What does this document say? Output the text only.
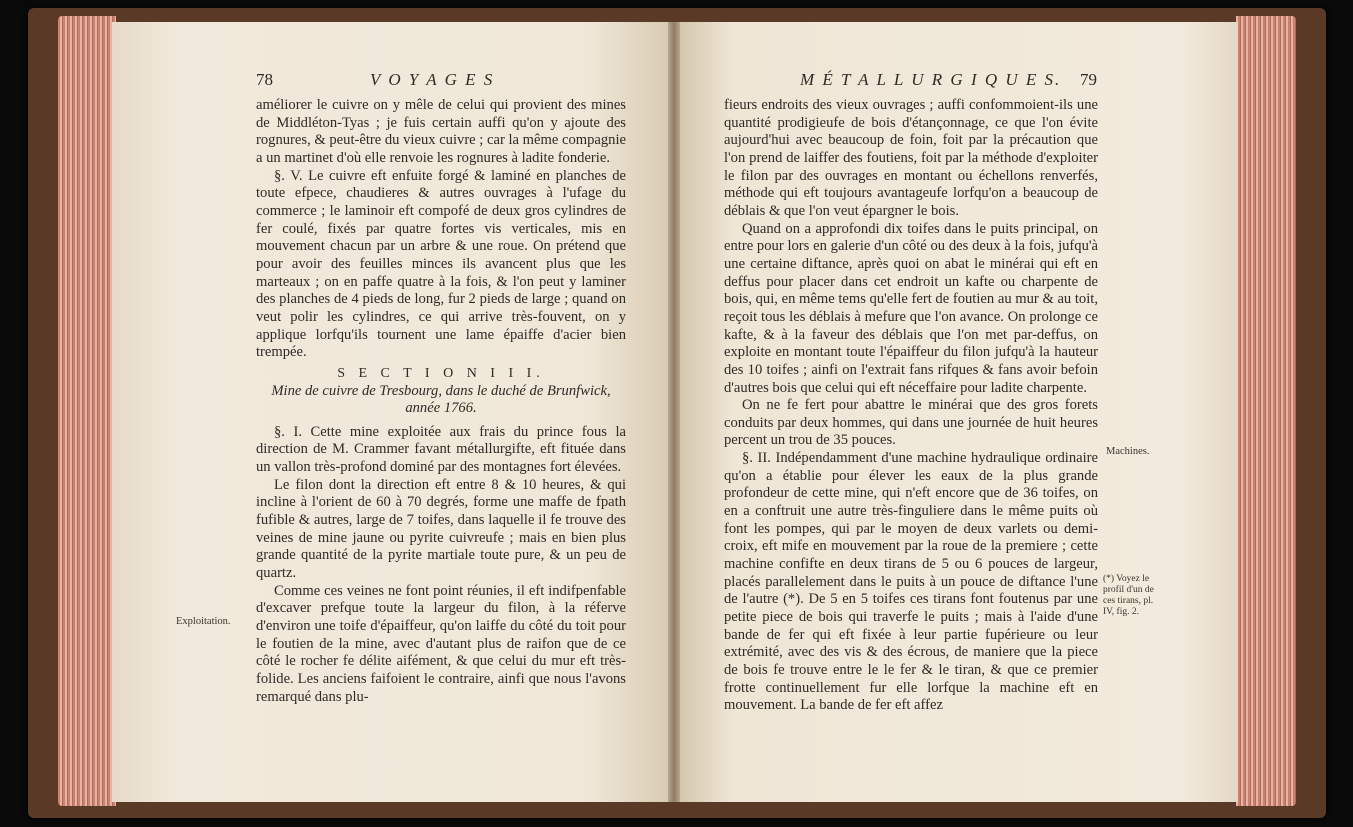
78	V O Y A G E S

améliorer le cuivre on y mêle de celui qui provient des mines de Middléton-Tyas ; je fuis certain auffi qu'on y ajoute des rognures, & peut-être du vieux cuivre ; car la même compagnie a un martinet d'où elle renvoie les rognures à ladite fonderie.

§. V. Le cuivre eft enfuite forgé & laminé en planches de toute efpece, chaudieres & autres ouvrages à l'ufage du commerce ; le laminoir eft compofé de deux gros cylindres de fer coulé, fixés par quatre fortes vis verticales, mis en mouvement chacun par un arbre & une roue. On prétend que pour avoir des feuilles minces ils avancent plus que les marteaux ; on en paffe quatre à la fois, & l'on peut y laminer des planches de 4 pieds de long, fur 2 pieds de large ; quand on veut polir les cylindres, ce qui arrive très-fouvent, on y applique lorfqu'ils tournent une lame épaiffe d'acier bien trempée.

S E C T I O N I I I.

Mine de cuivre de Tresbourg, dans le duché de Brunfwick,

année 1766.

§. I. Cette mine exploitée aux frais du prince fous la direction de M. Crammer favant métallurgifte, eft fituée dans un vallon très-profond dominé par des montagnes fort élevées.

Le filon dont la direction eft entre 8 & 10 heures, & qui incline à l'orient de 60 à 70 degrés, forme une maffe de fpath fufible & autres, large de 7 toifes, dans laquelle il fe trouve des veines de mine jaune ou pyrite cuivreufe ; mais en bien plus grande quantité de la pyrite martiale toute pure, & un peu de quartz.

Comme ces veines ne font point réunies, il eft indifpenfable d'excaver prefque toute la largeur du filon, à la réferve d'environ une toife d'épaiffeur, qu'on laiffe du côté du toit pour le foutien de la mine, avec d'autant plus de raifon que de ce côté le rocher fe délite aifément, & que celui du mur eft très-folide. Les anciens faifoient le contraire, ainfi que nous l'avons remarqué dans plu-

Exploitation.
M É T A L L U R G I Q U E S. 79

fieurs endroits des vieux ouvrages ; auffi confommoient-ils une quantité prodigieufe de bois d'étançonnage, ce que l'on évite aujourd'hui avec beaucoup de foin, foit par la précaution que l'on prend de laiffer des foutiens, foit par la méthode d'exploiter le filon par des ouvrages en montant ou échellons renverfés, méthode qui eft toujours avantageufe lorfqu'on a beaucoup de déblais & que l'on veut épargner le bois.

Quand on a approfondi dix toifes dans le puits principal, on entre pour lors en galerie d'un côté ou des deux à la fois, jufqu'à une certaine diftance, après quoi on abat le minérai qui eft en deffus pour placer dans cet endroit un kafte ou charpente de bois, qui, en même tems qu'elle fert de foutien au mur & au toit, reçoit tous les déblais à mefure que l'on avance. On prolonge ce kafte, & à la faveur des déblais que l'on met par-deffus, on exploite en montant toute l'épaiffeur du filon jufqu'à la hauteur des 10 toifes ; ainfi on l'extrait fans rifques & fans avoir befoin d'autres bois que celui qui eft néceffaire pour ladite charpente.

On ne fe fert pour abattre le minérai que des gros forets conduits par deux hommes, qui dans une journée de huit heures percent un trou de 35 pouces.

§. II. Indépendamment d'une machine hydraulique ordinaire qu'on a établie pour élever les eaux de la plus grande profondeur de cette mine, qui n'eft encore que de 36 toifes, on en a conftruit une autre très-finguliere dans le même puits où font les pompes, qui par le moyen de deux varlets ou demi-croix, eft mife en mouvement par la roue de la premiere ; cette machine confifte en deux tirans de 5 ou 6 pouces de largeur, placés parallelement dans le puits à un pouce de diftance l'une de l'autre (*). De 5 en 5 toifes ces tirans font foutenus par une petite piece de bois qui traverfe le puits ; mais à l'aide d'une bande de fer qui eft fixée à leur partie fupérieure ou leur extrémité, avec des vis & des écrous, de maniere que la piece de bois fe trouve entre le le fer & le tiran, & que ce premier frotte continuellement fur elle lorfque la machine eft en mouvement. La bande de fer eft affez

Machines.
(*) Voyez le profil d'un de ces tirans, pl. IV, fig. 2.
